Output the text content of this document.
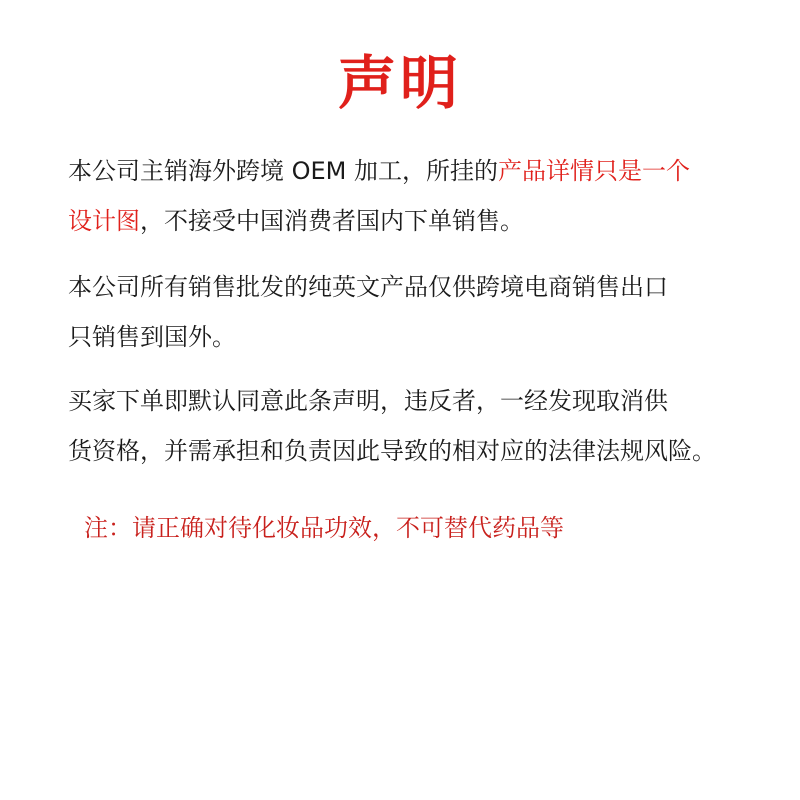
声明
本公司主销海外跨境 OEM 加工，所挂的产品详情只是一个
设计图，不接受中国消费者国内下单销售。
本公司所有销售批发的纯英文产品仅供跨境电商销售出口
只销售到国外。
买家下单即默认同意此条声明，违反者，一经发现取消供
货资格，并需承担和负责因此导致的相对应的法律法规风险。
注：请正确对待化妆品功效，不可替代药品等
